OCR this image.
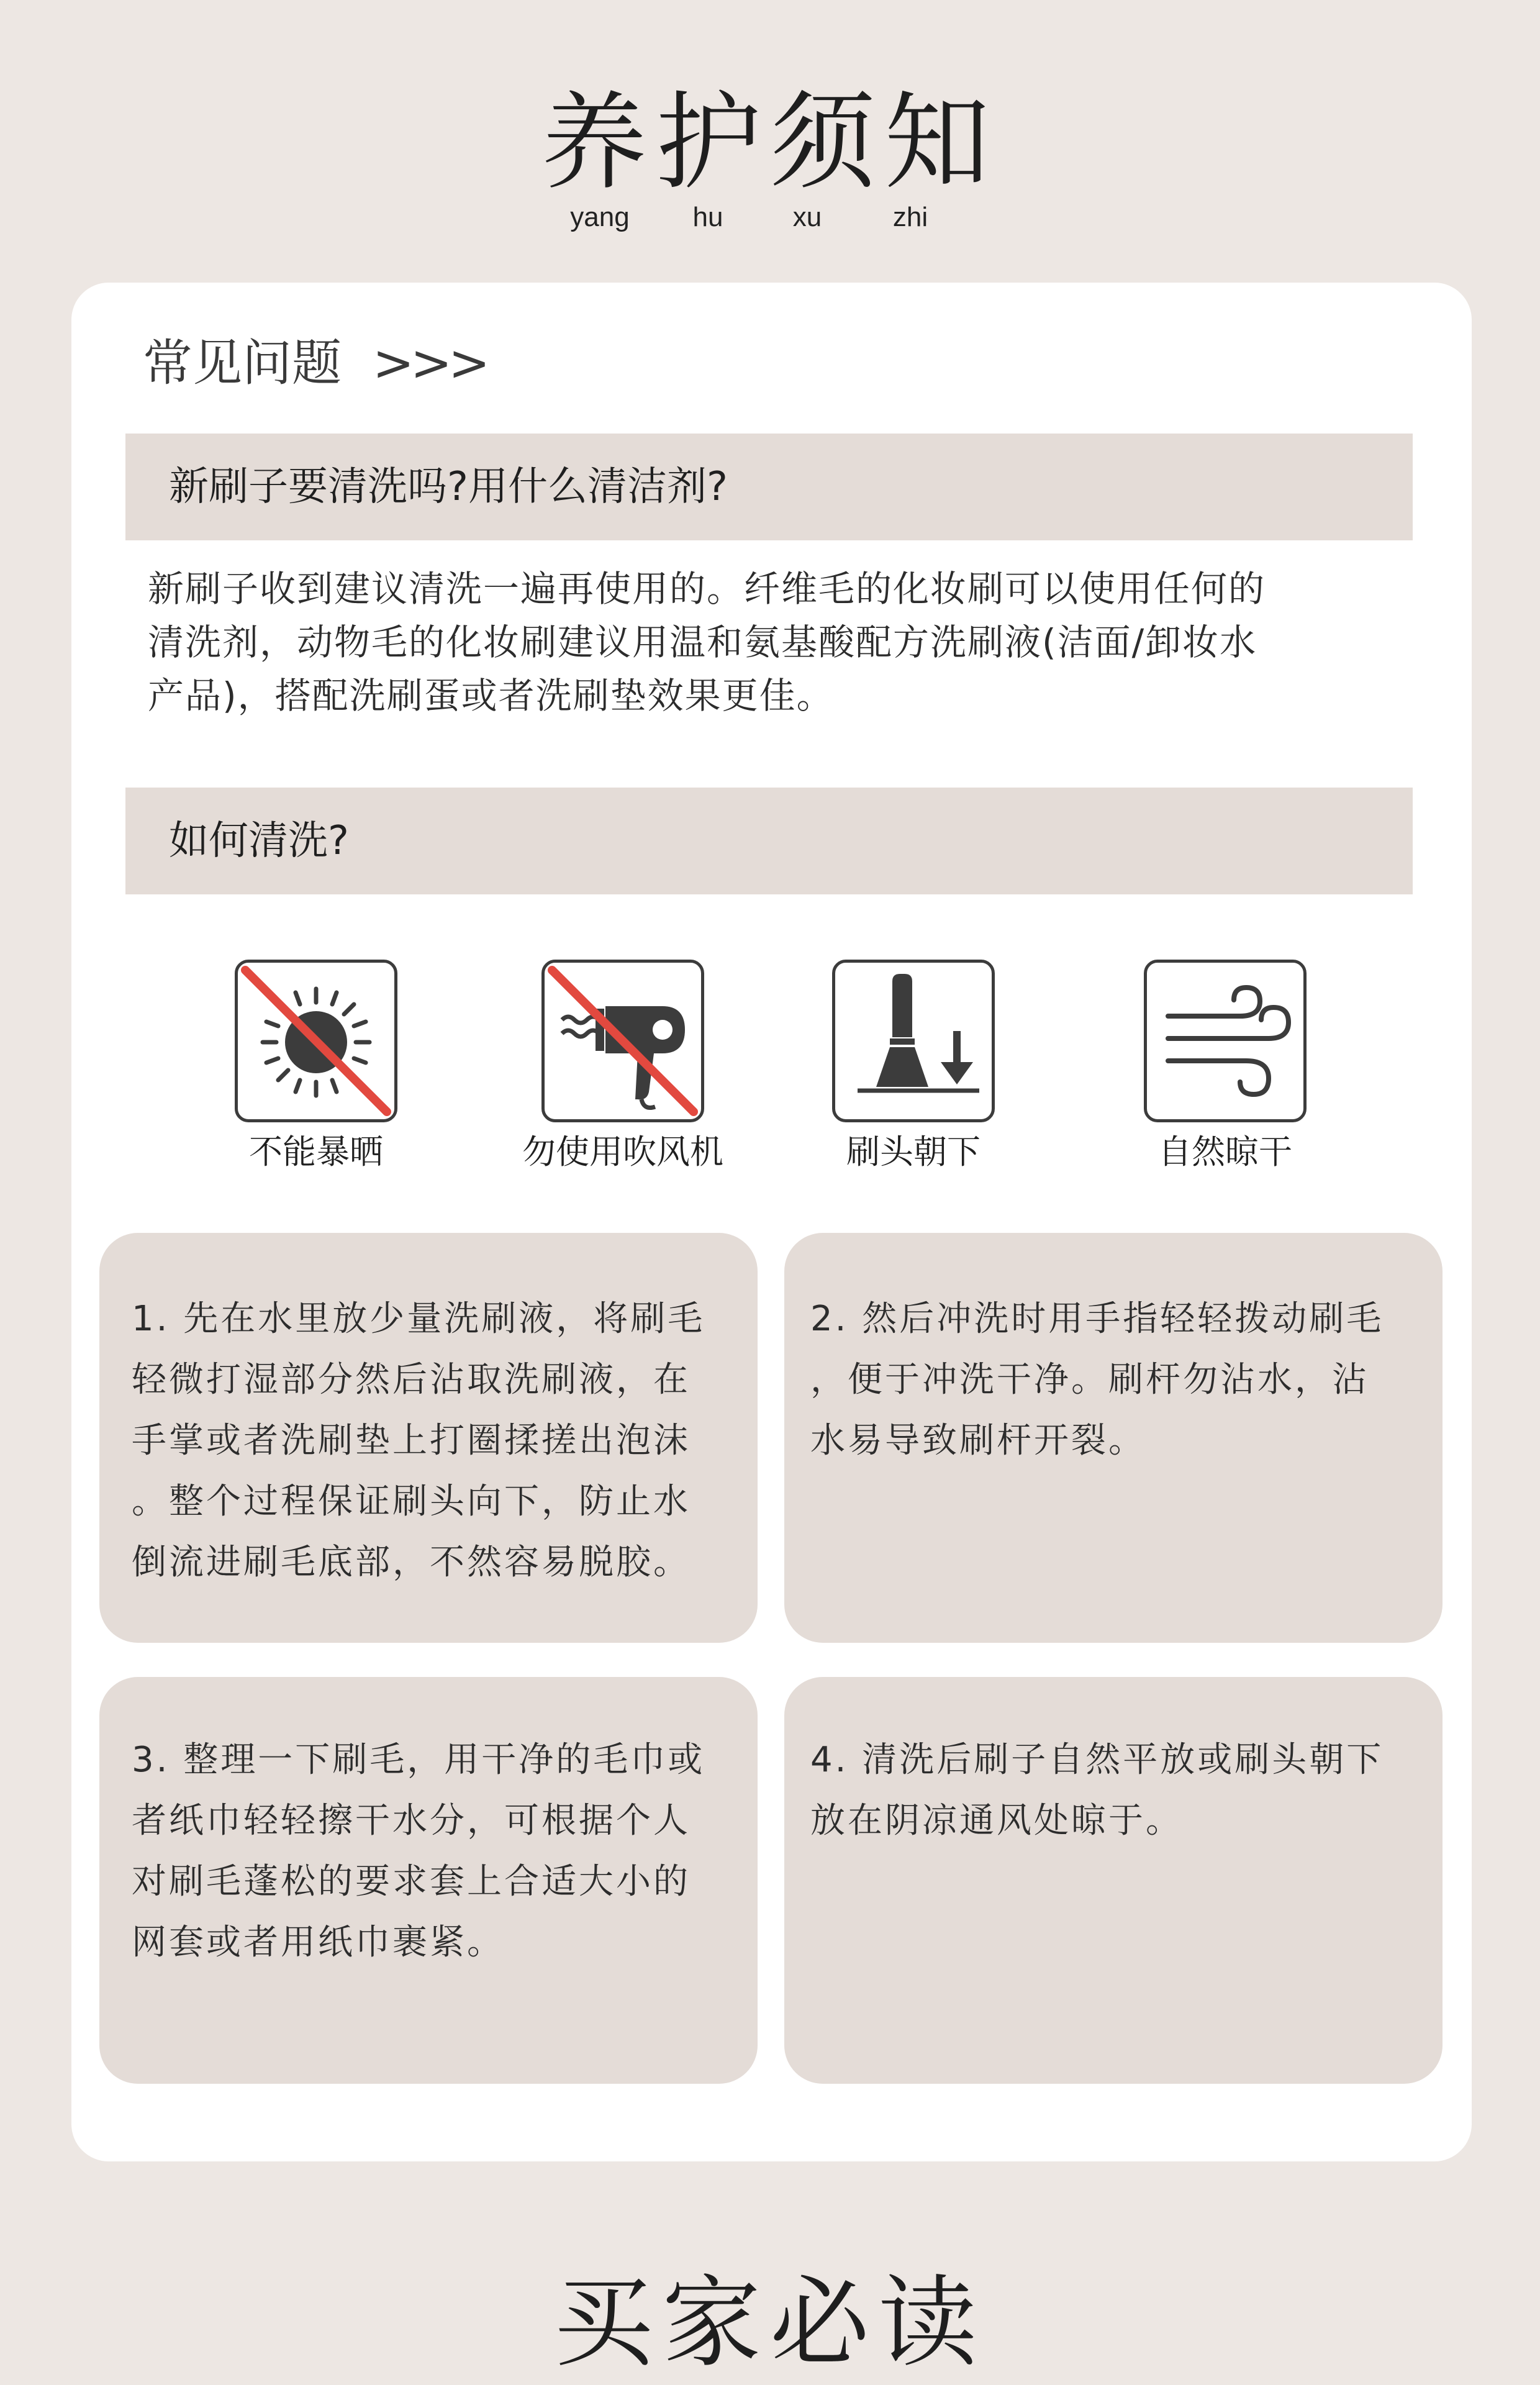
养护须知
yang	hu	xu	zhi
常见问题 >>>
新刷子要清洗吗?用什么清洁剂?
新刷子收到建议清洗一遍再使用的。纤维毛的化妆刷可以使用任何的
清洗剂，动物毛的化妆刷建议用温和氨基酸配方洗刷液(洁面/卸妆水
产品)，搭配洗刷蛋或者洗刷垫效果更佳。
如何清洗?
不能暴晒	勿使用吹风机	刷头朝下	自然晾干
1. 先在水里放少量洗刷液，将刷毛
轻微打湿部分然后沾取洗刷液，在
手掌或者洗刷垫上打圈揉搓出泡沫
。整个过程保证刷头向下，防止水
倒流进刷毛底部，不然容易脱胶。
2. 然后冲洗时用手指轻轻拨动刷毛
，便于冲洗干净。刷杆勿沾水，沾
水易导致刷杆开裂。
3. 整理一下刷毛，用干净的毛巾或
者纸巾轻轻擦干水分，可根据个人
对刷毛蓬松的要求套上合适大小的
网套或者用纸巾裹紧。
4. 清洗后刷子自然平放或刷头朝下
放在阴凉通风处晾于。
买家必读
